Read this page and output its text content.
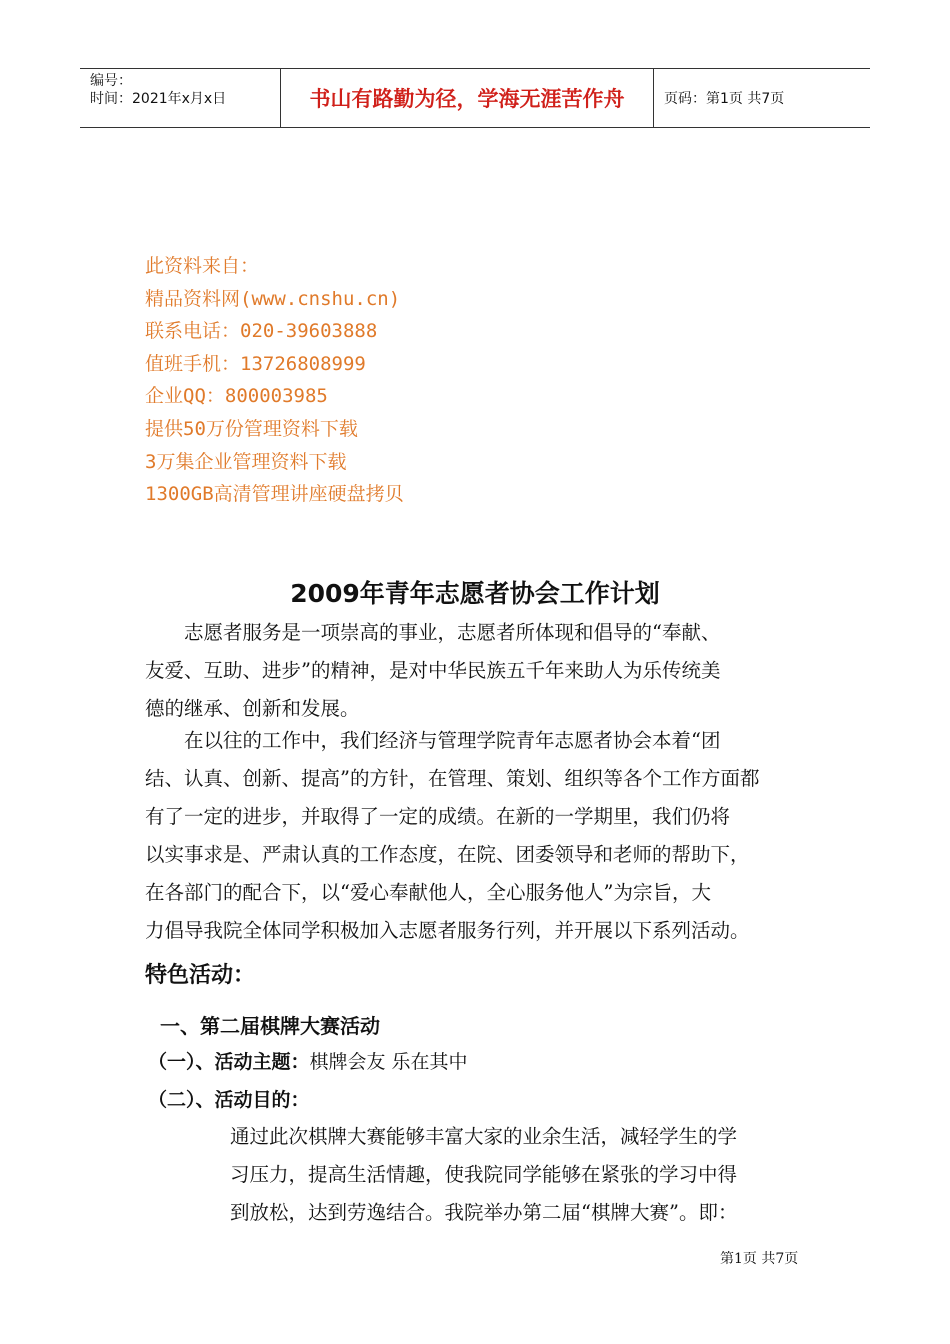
编号：
时间：2021年x月x日	书山有路勤为径，学海无涯苦作舟	页码：第1页 共7页
此资料来自：
精品资料网(www.cnshu.cn)
联系电话：020-39603888
值班手机：13726808999
企业QQ：800003985
提供50万份管理资料下载
3万集企业管理资料下载
1300GB高清管理讲座硬盘拷贝
2009年青年志愿者协会工作计划
　　志愿者服务是一项崇高的事业，志愿者所体现和倡导的“奉献、
友爱、互助、进步”的精神，是对中华民族五千年来助人为乐传统美
德的继承、创新和发展。
　　在以往的工作中，我们经济与管理学院青年志愿者协会本着“团
结、认真、创新、提高”的方针，在管理、策划、组织等各个工作方面都
有了一定的进步，并取得了一定的成绩。在新的一学期里，我们仍将
以实事求是、严肃认真的工作态度，在院、团委领导和老师的帮助下，
在各部门的配合下，以“爱心奉献他人，全心服务他人”为宗旨，大
力倡导我院全体同学积极加入志愿者服务行列，并开展以下系列活动。
特色活动：
一、第二届棋牌大赛活动
（一）、活动主题：棋牌会友 乐在其中
（二）、活动目的：
通过此次棋牌大赛能够丰富大家的业余生活，减轻学生的学
习压力，提高生活情趣，使我院同学能够在紧张的学习中得
到放松，达到劳逸结合。我院举办第二届“棋牌大赛”。即：
第1页 共7页
